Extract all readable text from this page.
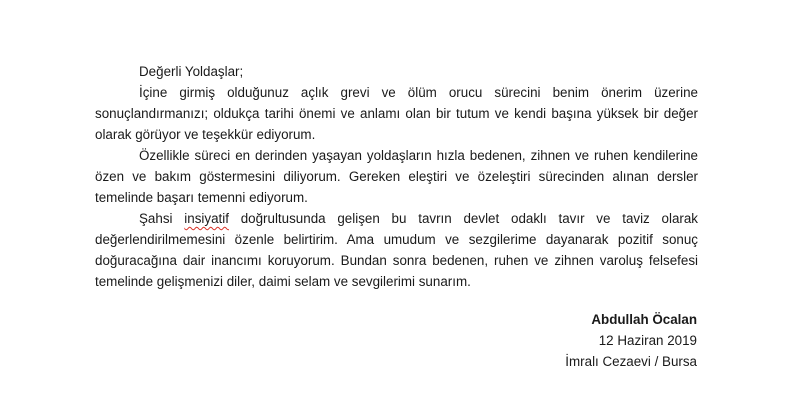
Değerli Yoldaşlar;

İçine girmiş olduğunuz açlık grevi ve ölüm orucu sürecini benim önerim üzerine sonuçlandırmanızı; oldukça tarihi önemi ve anlamı olan bir tutum ve kendi başına yüksek bir değer olarak görüyor ve teşekkür ediyorum.

Özellikle süreci en derinden yaşayan yoldaşların hızla bedenen, zihnen ve ruhen kendilerine özen ve bakım göstermesini diliyorum. Gereken eleştiri ve özeleştiri sürecinden alınan dersler temelinde başarı temenni ediyorum.

Şahsi insiyatif doğrultusunda gelişen bu tavrın devlet odaklı tavır ve taviz olarak değerlendirilmemesini özenle belirtirim. Ama umudum ve sezgilerime dayanarak pozitif sonuç doğuracağına dair inancımı koruyorum. Bundan sonra bedenen, ruhen ve zihnen varoluş felsefesi temelinde gelişmenizi diler, daimi selam ve sevgilerimi sunarım.

Abdullah Öcalan

12 Haziran 2019

İmralı Cezaevi / Bursa
